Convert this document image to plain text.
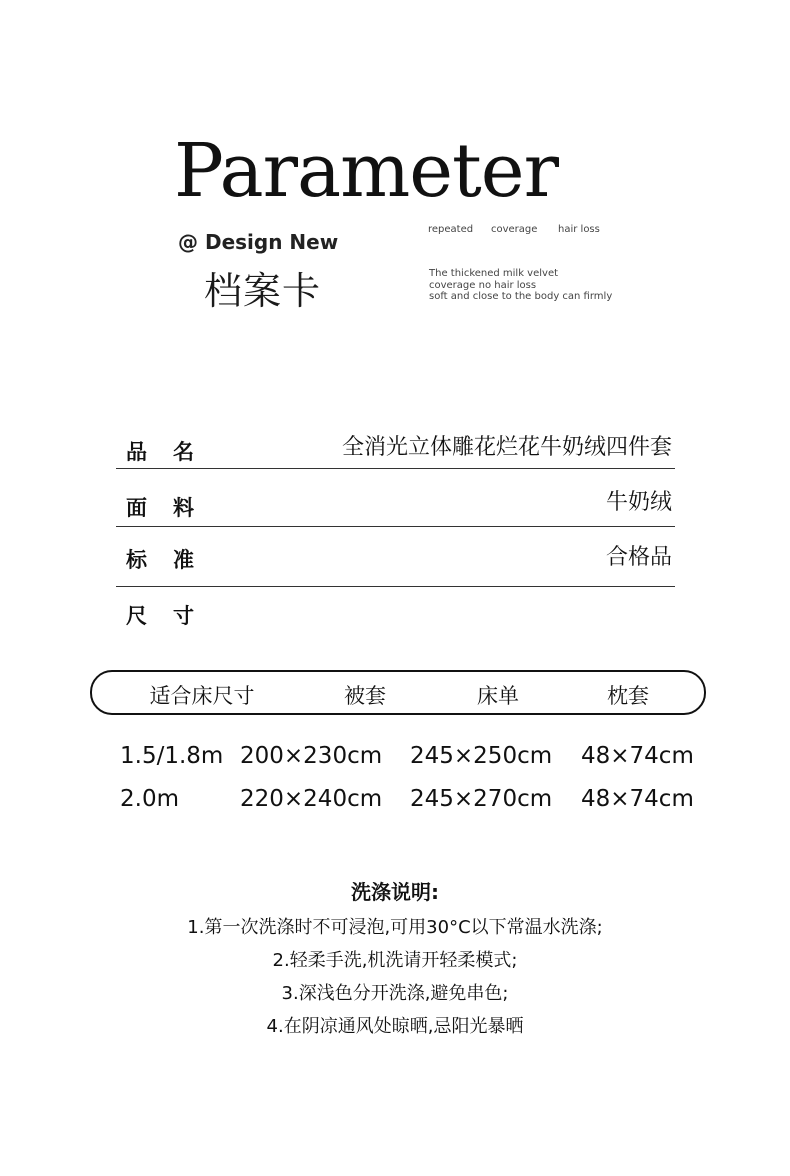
Parameter
@ Design New
档案卡
repeated coverage hair loss
The thickened milk velvet
coverage no hair loss
soft and close to the body can firmly
品名	全消光立体雕花烂花牛奶绒四件套
面料	牛奶绒
标准	合格品
尺寸
适合床尺寸	被套	床单	枕套
1.5/1.8m 200×230cm 245×250cm 48×74cm
2.0m	220×240cm 245×270cm 48×74cm
洗涤说明:
1.第一次洗涤时不可浸泡,可用30°C以下常温水洗涤;
2.轻柔手洗,机洗请开轻柔模式;
3.深浅色分开洗涤,避免串色;
4.在阴凉通风处晾晒,忌阳光暴晒
